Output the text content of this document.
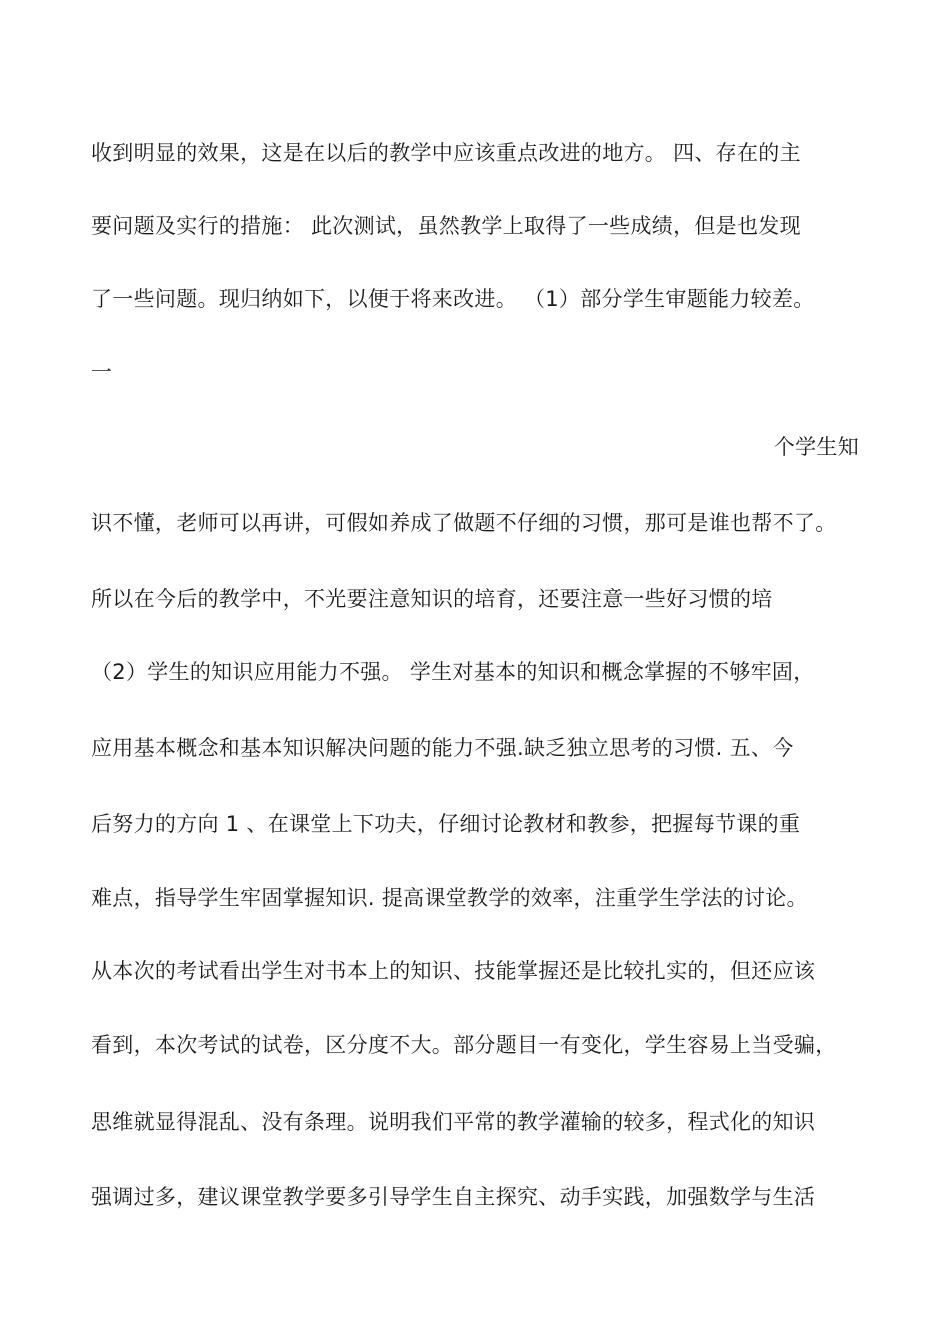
收到明显的效果，这是在以后的教学中应该重点改进的地方。 四、存在的主
要问题及实行的措施： 此次测试，虽然教学上取得了一些成绩，但是也发现
了一些问题。现归纳如下，以便于将来改进。 （1）部分学生审题能力较差。
一
个学生知
识不懂，老师可以再讲，可假如养成了做题不仔细的习惯，那可是谁也帮不了。
所以在今后的教学中，不光要注意知识的培育，还要注意一些好习惯的培
（2）学生的知识应用能力不强。 学生对基本的知识和概念掌握的不够牢固，
应用基本概念和基本知识解决问题的能力不强.缺乏独立思考的习惯. 五、今
后努力的方向 1 、在课堂上下功夫，仔细讨论教材和教参，把握每节课的重
难点，指导学生牢固掌握知识. 提高课堂教学的效率，注重学生学法的讨论。
从本次的考试看出学生对书本上的知识、技能掌握还是比较扎实的，但还应该
看到，本次考试的试卷，区分度不大。部分题目一有变化，学生容易上当受骗，
思维就显得混乱、没有条理。说明我们平常的教学灌输的较多，程式化的知识
强调过多，建议课堂教学要多引导学生自主探究、动手实践，加强数学与生活
